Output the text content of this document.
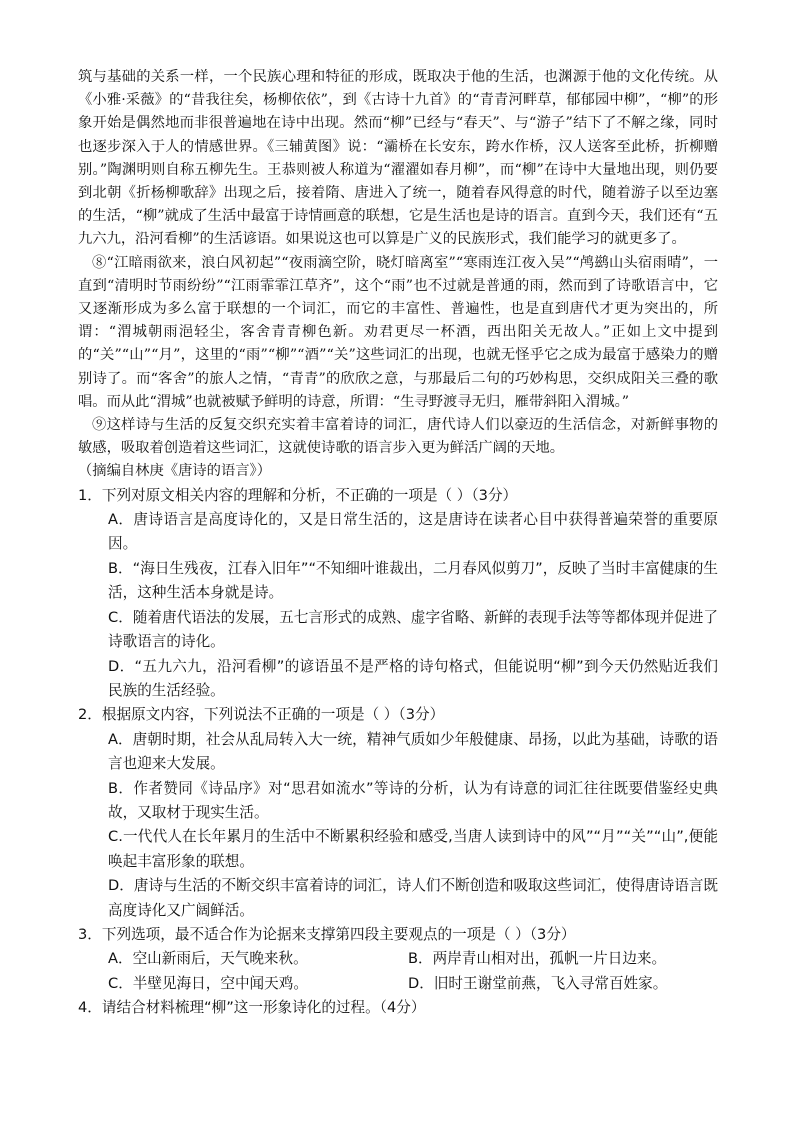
筑与基础的关系一样，一个民族心理和特征的形成，既取决于他的生活，也渊源于他的文化传统。从《小雅·采薇》的“昔我往矣，杨柳依依”，到《古诗十九首》的“青青河畔草，郁郁园中柳”，“柳”的形象开始是偶然地而非很普遍地在诗中出现。然而“柳”已经与“春天”、与“游子”结下了不解之缘，同时也逐步深入于人的情感世界。《三辅黄图》说：“灞桥在长安东，跨水作桥，汉人送客至此桥，折柳赠别。”陶渊明则自称五柳先生。王恭则被人称道为“濯濯如春月柳”，而“柳”在诗中大量地出现，则仍要到北朝《折杨柳歌辞》出现之后，接着隋、唐进入了统一，随着春风得意的时代，随着游子以至边塞的生活，“柳”就成了生活中最富于诗情画意的联想，它是生活也是诗的语言。直到今天，我们还有“五九六九，沿河看柳”的生活谚语。如果说这也可以算是广义的民族形式，我们能学习的就更多了。

⑧“江暗雨欲来，浪白风初起”“夜雨滴空阶，晓灯暗离室”“寒雨连江夜入吴”“鸬鹚山头宿雨晴”，一直到“清明时节雨纷纷”“江雨霏霏江草齐”，这个“雨”也不过就是普通的雨，然而到了诗歌语言中，它又逐渐形成为多么富于联想的一个词汇，而它的丰富性、普遍性，也是直到唐代才更为突出的，所谓：“渭城朝雨浥轻尘，客舍青青柳色新。劝君更尽一杯酒，西出阳关无故人。”正如上文中提到的“关”“山”“月”，这里的“雨”“柳”“酒”“关”这些词汇的出现，也就无怪乎它之成为最富于感染力的赠别诗了。而“客舍”的旅人之情，“青青”的欣欣之意，与那最后二句的巧妙构思，交织成阳关三叠的歌唱。而从此“渭城”也就被赋予鲜明的诗意，所谓：“生寻野渡寻无归，雁带斜阳入渭城。”

⑨这样诗与生活的反复交织充实着丰富着诗的词汇，唐代诗人们以豪迈的生活信念，对新鲜事物的敏感，吸取着创造着这些词汇，这就使诗歌的语言步入更为鲜活广阔的天地。

（摘编自林庚《唐诗的语言》）

1．下列对原文相关内容的理解和分析，不正确的一项是（ ）（3分）

A．唐诗语言是高度诗化的，又是日常生活的，这是唐诗在读者心目中获得普遍荣誉的重要原因。

B．“海日生残夜，江春入旧年”“不知细叶谁裁出，二月春风似剪刀”，反映了当时丰富健康的生活，这种生活本身就是诗。

C．随着唐代语法的发展，五七言形式的成熟、虚字省略、新鲜的表现手法等等都体现并促进了诗歌语言的诗化。

D．“五九六九，沿河看柳”的谚语虽不是严格的诗句格式，但能说明“柳”到今天仍然贴近我们民族的生活经验。

2．根据原文内容，下列说法不正确的一项是（ ）（3分）

A．唐朝时期，社会从乱局转入大一统，精神气质如少年般健康、昂扬，以此为基础，诗歌的语言也迎来大发展。

B．作者赞同《诗品序》对“思君如流水”等诗的分析，认为有诗意的词汇往往既要借鉴经史典故，又取材于现实生活。

C.一代代人在长年累月的生活中不断累积经验和感受,当唐人读到诗中的风”“月”“关”“山”,便能唤起丰富形象的联想。

D．唐诗与生活的不断交织丰富着诗的词汇，诗人们不断创造和吸取这些词汇，使得唐诗语言既高度诗化又广阔鲜活。

3．下列选项，最不适合作为论据来支撑第四段主要观点的一项是（ ）（3分）

A．空山新雨后，天气晚来秋。	B．两岸青山相对出，孤帆一片日边来。
C．半壁见海日，空中闻天鸡。	D．旧时王谢堂前燕，飞入寻常百姓家。

4．请结合材料梳理“柳”这一形象诗化的过程。（4分）
